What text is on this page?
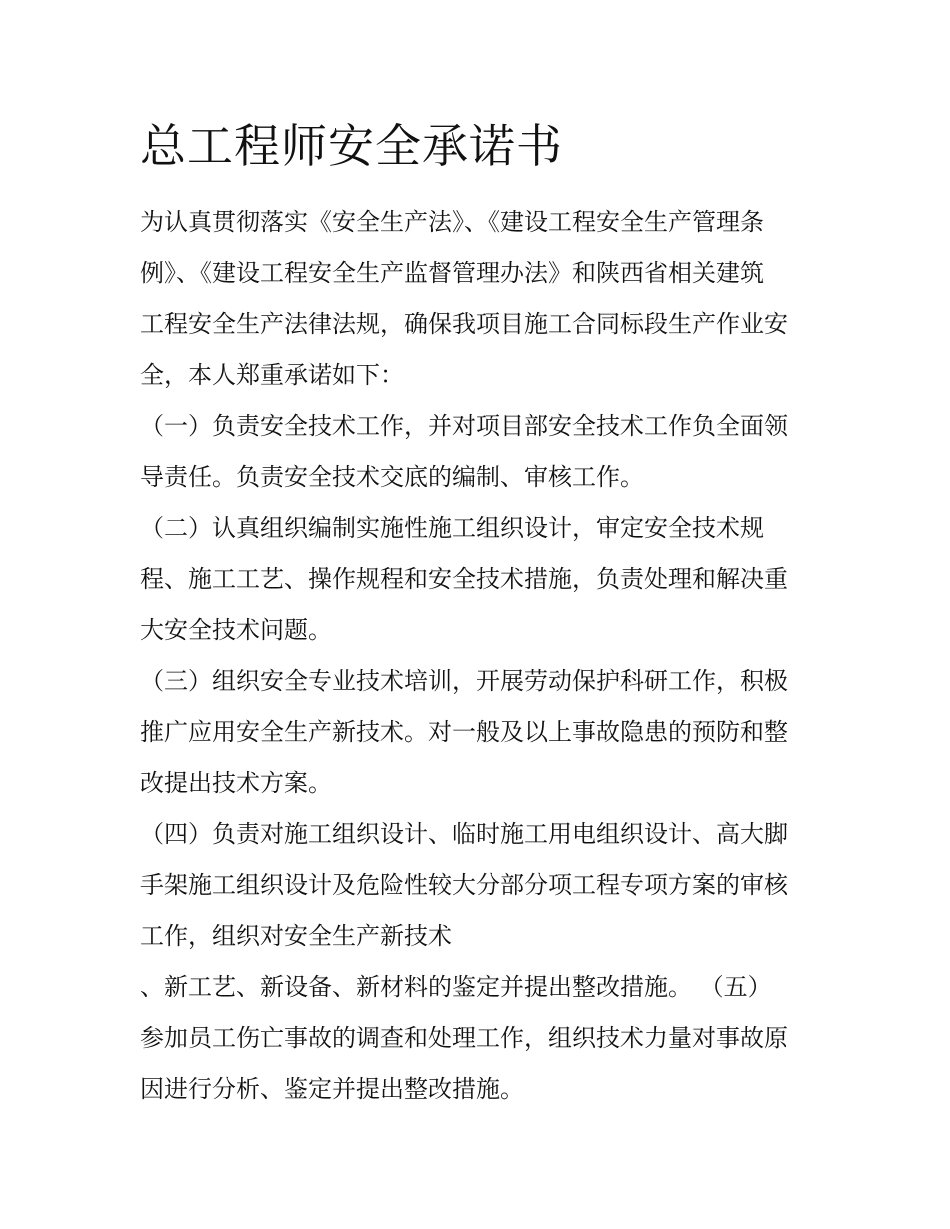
总工程师安全承诺书
为认真贯彻落实《安全生产法》、《建设工程安全生产管理条
例》、《建设工程安全生产监督管理办法》和陕西省相关建筑
工程安全生产法律法规，确保我项目施工合同标段生产作业安
全，本人郑重承诺如下：
（一）负责安全技术工作，并对项目部安全技术工作负全面领
导责任。负责安全技术交底的编制、审核工作。
（二）认真组织编制实施性施工组织设计，审定安全技术规
程、施工工艺、操作规程和安全技术措施，负责处理和解决重
大安全技术问题。
（三）组织安全专业技术培训，开展劳动保护科研工作，积极
推广应用安全生产新技术。对一般及以上事故隐患的预防和整
改提出技术方案。
（四）负责对施工组织设计、临时施工用电组织设计、高大脚
手架施工组织设计及危险性较大分部分项工程专项方案的审核
工作，组织对安全生产新技术
、新工艺、新设备、新材料的鉴定并提出整改措施。 （五）
参加员工伤亡事故的调查和处理工作，组织技术力量对事故原
因进行分析、鉴定并提出整改措施。
